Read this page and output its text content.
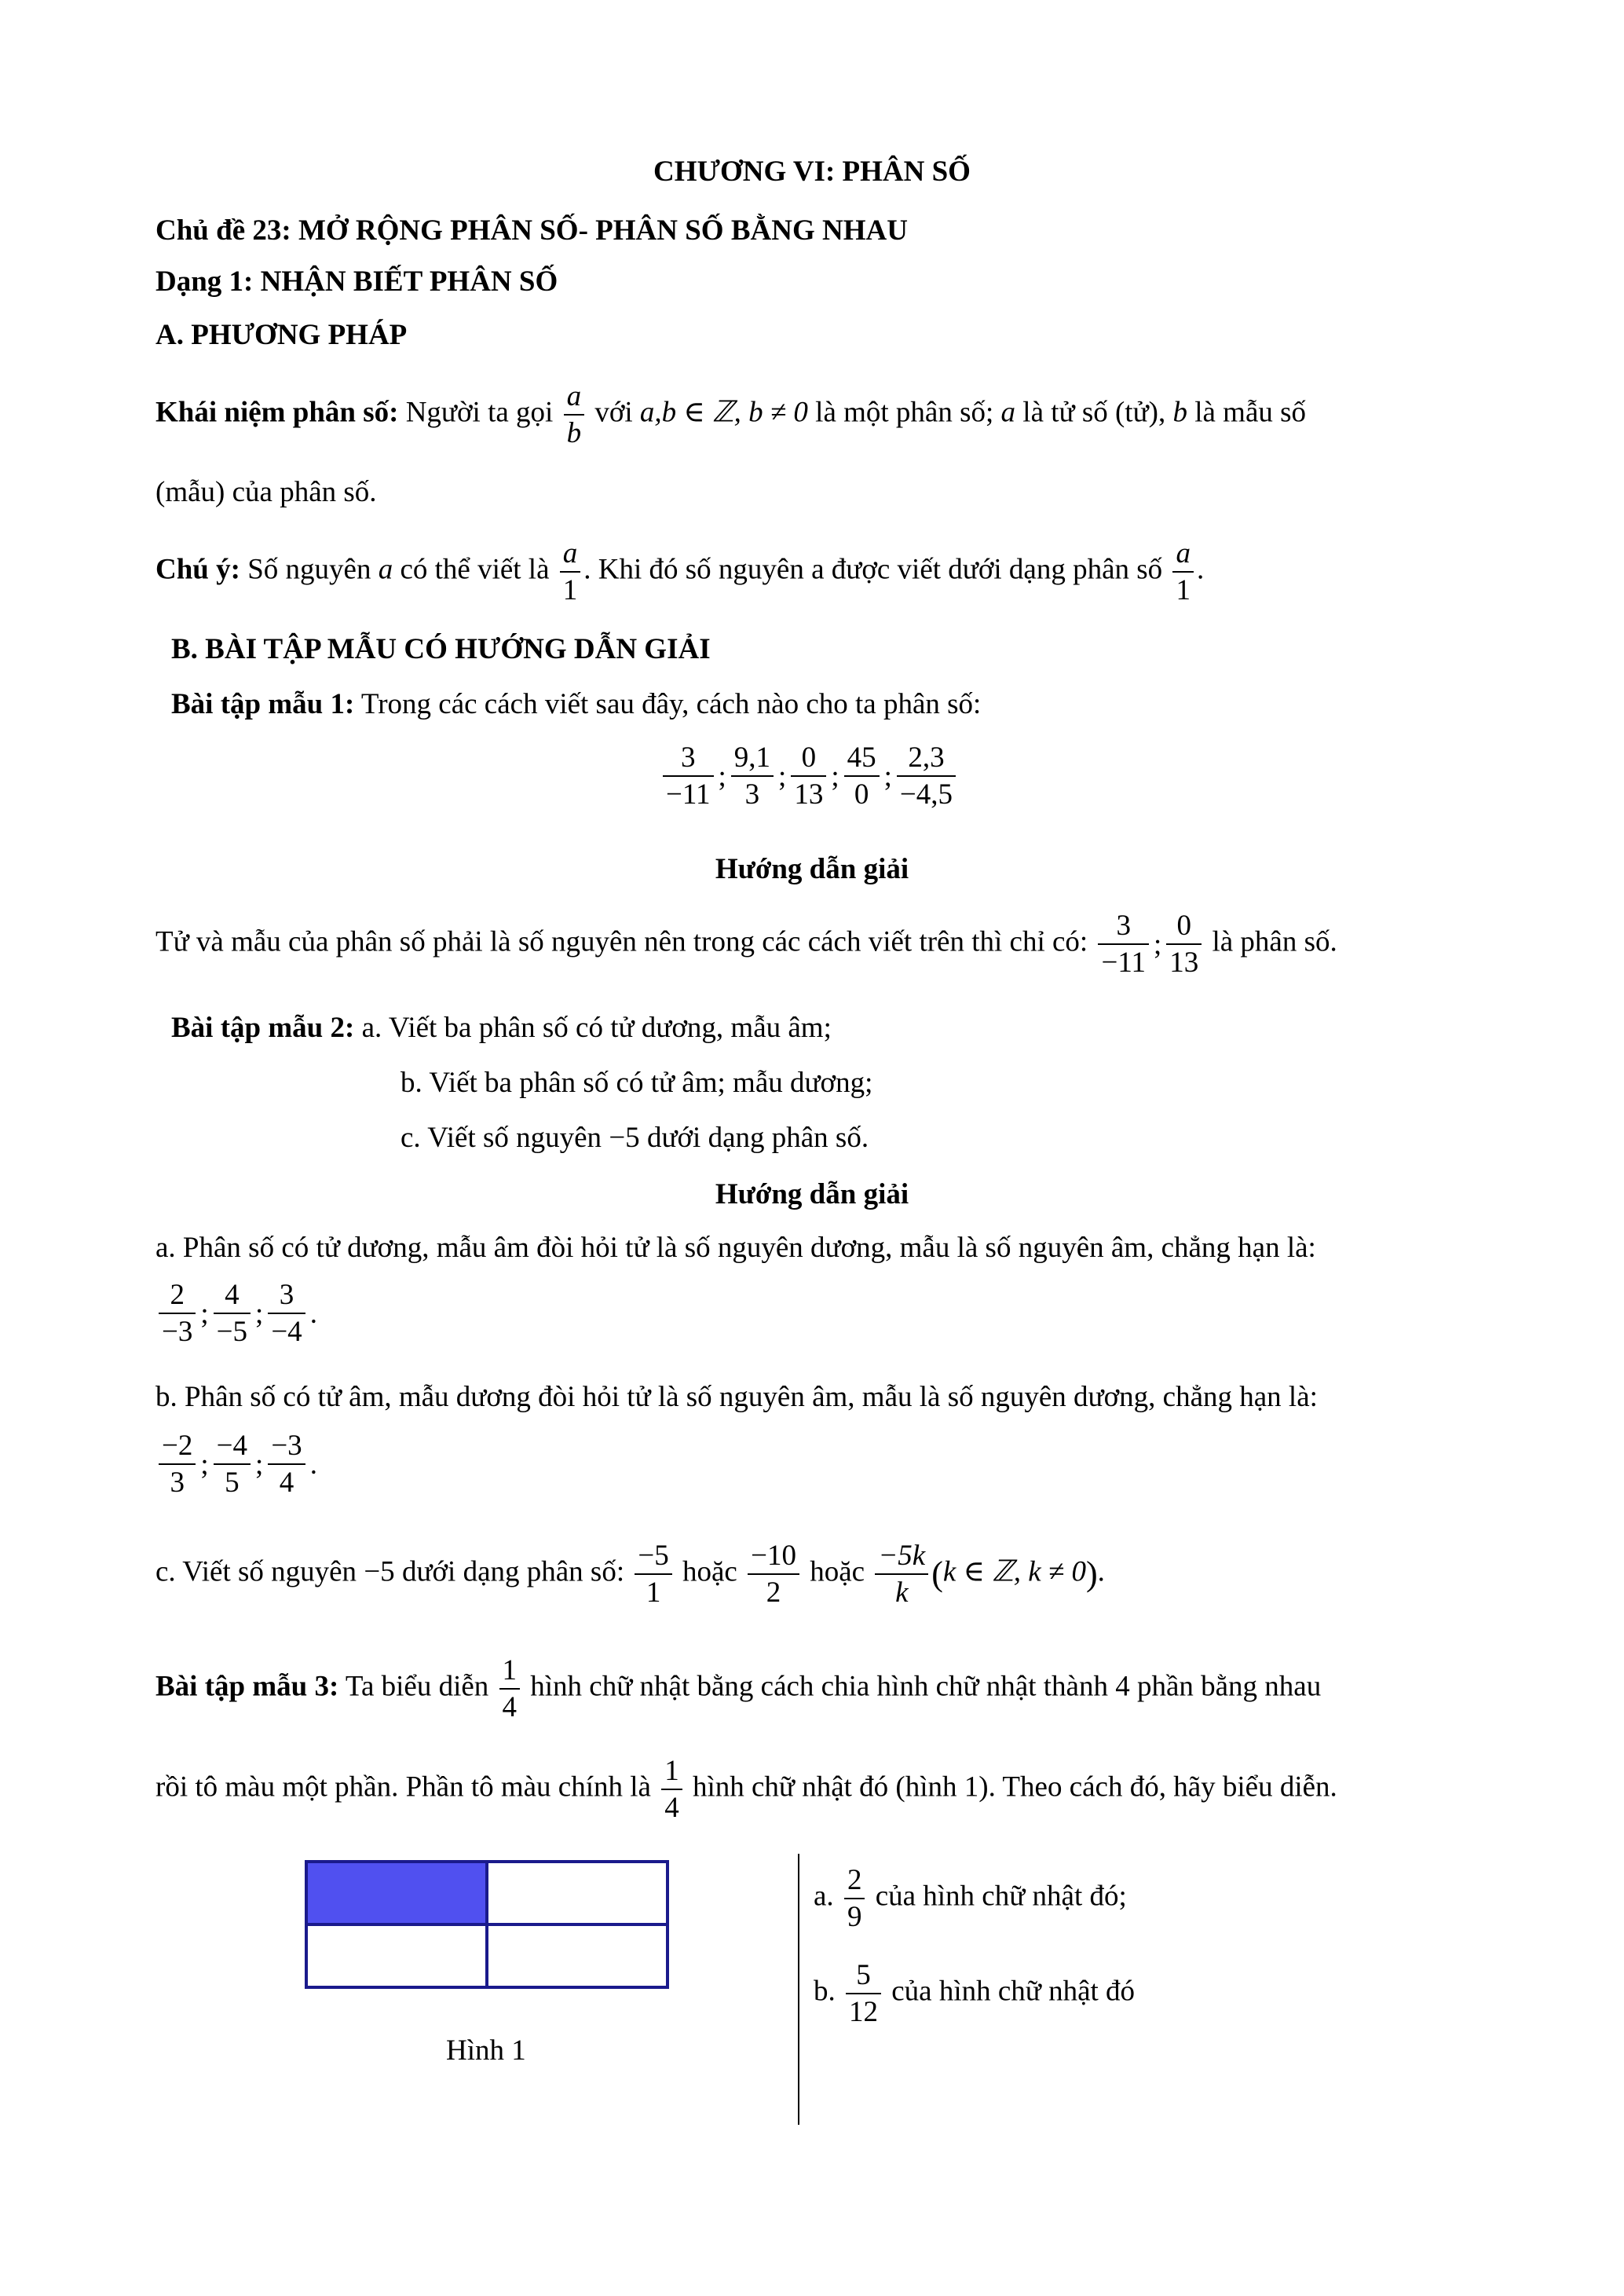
CHƯƠNG VI: PHÂN SỐ
Chủ đề 23: MỞ RỘNG PHÂN SỐ- PHÂN SỐ BẰNG NHAU
Dạng 1: NHẬN BIẾT PHÂN SỐ
A. PHƯƠNG PHÁP
Khái niệm phân số: Người ta gọi $\frac{a}{b}$ với a,b ∈ ℤ, b ≠ 0 là một phân số; a là tử số (tử), b là mẫu số
(mẫu) của phân số.
Chú ý: Số nguyên a có thể viết là $\frac{a}{1}$ . Khi đó số nguyên a được viết dưới dạng phân số $\frac{a}{1}$ .
B. BÀI TẬP MẪU CÓ HƯỚNG DẪN GIẢI
Bài tập mẫu 1: Trong các cách viết sau đây, cách nào cho ta phân số:
$\frac{3}{-11}$ ; $\frac{9,1}{3}$ ; $\frac{0}{13}$ ; $\frac{45}{0}$ ; $\frac{2,3}{-4,5}$
Hướng dẫn giải
Tử và mẫu của phân số phải là số nguyên nên trong các cách viết trên thì chỉ có: $\frac{3}{-11}$ ; $\frac{0}{13}$ là phân số.
Bài tập mẫu 2: a. Viết ba phân số có tử dương, mẫu âm;
b. Viết ba phân số có tử âm; mẫu dương;
c. Viết số nguyên −5 dưới dạng phân số.
Hướng dẫn giải
a. Phân số có tử dương, mẫu âm đòi hỏi tử là số nguyên dương, mẫu là số nguyên âm, chẳng hạn là:
$\frac{2}{-3}$ ; $\frac{4}{-5}$ ; $\frac{3}{-4}$ .
b. Phân số có tử âm, mẫu dương đòi hỏi tử là số nguyên âm, mẫu là số nguyên dương, chẳng hạn là:
$\frac{-2}{3}$ ; $\frac{-4}{5}$ ; $\frac{-3}{4}$ .
c. Viết số nguyên −5 dưới dạng phân số: $\frac{-5}{1}$ hoặc $\frac{-10}{2}$ hoặc $\frac{-5k}{k} (k$ ∈ ℤ, k ≠ 0).
Bài tập mẫu 3: Ta biểu diễn $\frac{1}{4}$ hình chữ nhật bằng cách chia hình chữ nhật thành 4 phần bằng nhau
rồi tô màu một phần. Phần tô màu chính là $\frac{1}{4}$ hình chữ nhật đó (hình 1). Theo cách đó, hãy biểu diễn.
Hình 1
a. $\frac{2}{9}$ của hình chữ nhật đó;
b. $\frac{5}{12}$ của hình chữ nhật đó
